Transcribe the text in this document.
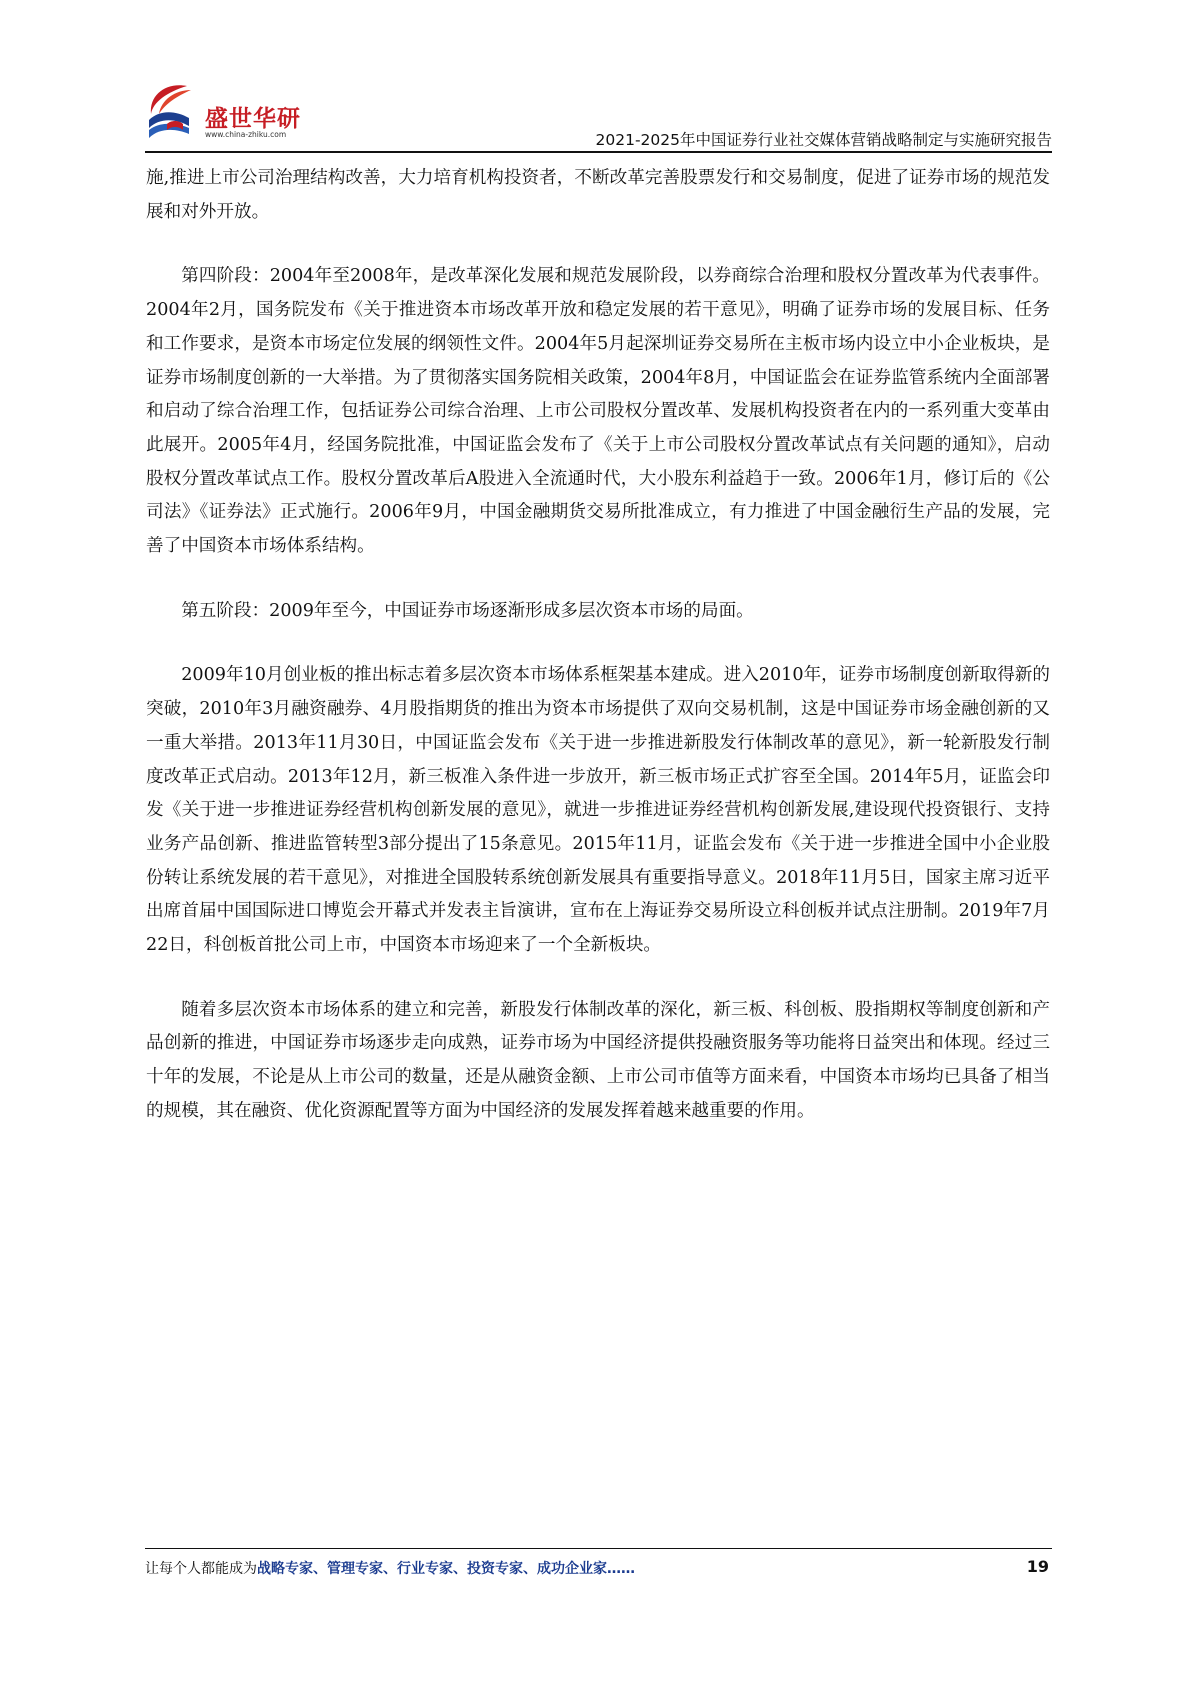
盛世华研
www.china-zhiku.com	2021-2025年中国证券行业社交媒体营销战略制定与实施研究报告

施,推进上市公司治理结构改善，大力培育机构投资者，不断改革完善股票发行和交易制度，促进了证券市场的规范发展和对外开放。

第四阶段：2004年至2008年，是改革深化发展和规范发展阶段，以券商综合治理和股权分置改革为代表事件。2004年2月，国务院发布《关于推进资本市场改革开放和稳定发展的若干意见》，明确了证券市场的发展目标、任务和工作要求，是资本市场定位发展的纲领性文件。2004年5月起深圳证券交易所在主板市场内设立中小企业板块，是证券市场制度创新的一大举措。为了贯彻落实国务院相关政策，2004年8月，中国证监会在证券监管系统内全面部署和启动了综合治理工作，包括证券公司综合治理、上市公司股权分置改革、发展机构投资者在内的一系列重大变革由此展开。2005年4月，经国务院批准，中国证监会发布了《关于上市公司股权分置改革试点有关问题的通知》，启动股权分置改革试点工作。股权分置改革后A股进入全流通时代，大小股东利益趋于一致。2006年1月，修订后的《公司法》《证券法》正式施行。2006年9月，中国金融期货交易所批准成立，有力推进了中国金融衍生产品的发展，完善了中国资本市场体系结构。

第五阶段：2009年至今，中国证券市场逐渐形成多层次资本市场的局面。

2009年10月创业板的推出标志着多层次资本市场体系框架基本建成。进入2010年，证券市场制度创新取得新的突破，2010年3月融资融券、4月股指期货的推出为资本市场提供了双向交易机制，这是中国证券市场金融创新的又一重大举措。2013年11月30日，中国证监会发布《关于进一步推进新股发行体制改革的意见》，新一轮新股发行制度改革正式启动。2013年12月，新三板准入条件进一步放开，新三板市场正式扩容至全国。2014年5月，证监会印发《关于进一步推进证券经营机构创新发展的意见》，就进一步推进证券经营机构创新发展,建设现代投资银行、支持业务产品创新、推进监管转型3部分提出了15条意见。2015年11月，证监会发布《关于进一步推进全国中小企业股份转让系统发展的若干意见》，对推进全国股转系统创新发展具有重要指导意义。2018年11月5日，国家主席习近平出席首届中国国际进口博览会开幕式并发表主旨演讲，宣布在上海证券交易所设立科创板并试点注册制。2019年7月22日，科创板首批公司上市，中国资本市场迎来了一个全新板块。

随着多层次资本市场体系的建立和完善，新股发行体制改革的深化，新三板、科创板、股指期权等制度创新和产品创新的推进，中国证券市场逐步走向成熟，证券市场为中国经济提供投融资服务等功能将日益突出和体现。经过三十年的发展，不论是从上市公司的数量，还是从融资金额、上市公司市值等方面来看，中国资本市场均已具备了相当的规模，其在融资、优化资源配置等方面为中国经济的发展发挥着越来越重要的作用。

让每个人都能成为战略专家、管理专家、行业专家、投资专家、成功企业家……	19
